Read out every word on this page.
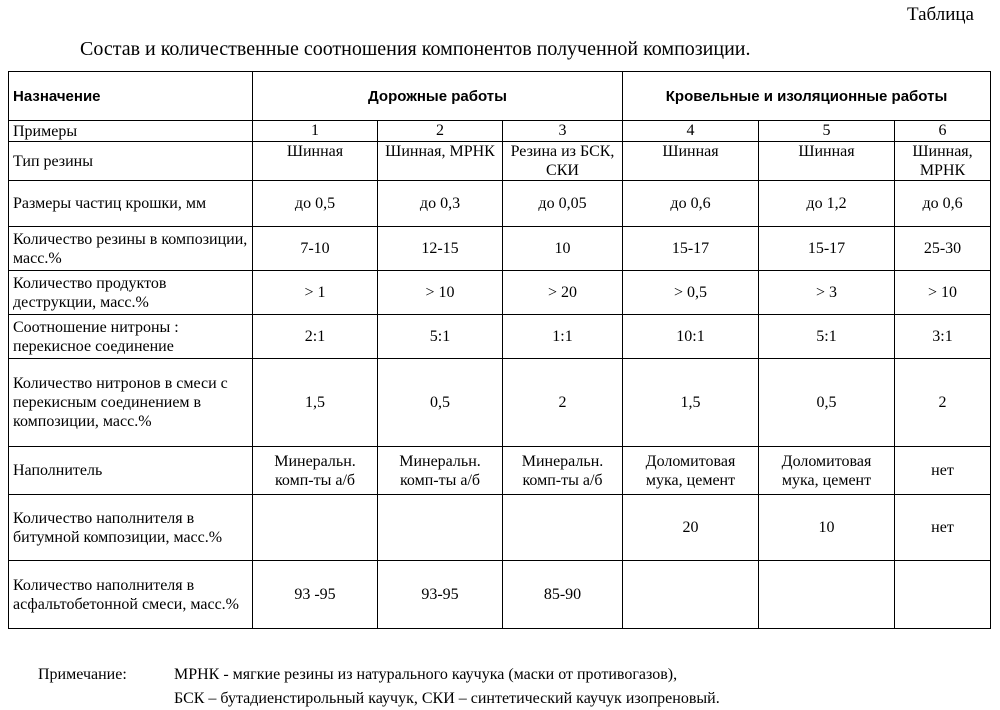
Таблица
Состав и количественные соотношения компонентов полученной композиции.
Назначение	Дорожные работы			Кровельные и изоляционные работы		
Примеры	1	2	3	4	5	6
Тип резины	Шинная	Шинная, МРНК	Резина из БСК, СКИ	Шинная	Шинная	Шинная, МРНК
Размеры частиц крошки, мм	до 0,5	до 0,3	до 0,05	до 0,6	до 1,2	до 0,6
Количество резины в композиции, масс.%	7-10	12-15	10	15-17	15-17	25-30
Количество продуктов деструкции, масс.%	> 1	> 10	> 20	> 0,5	> 3	> 10
Соотношение нитроны : перекисное соединение	2:1	5:1	1:1	10:1	5:1	3:1
Количество нитронов в смеси с перекисным соединением в композиции, масс.%	1,5	0,5	2	1,5	0,5	2
Наполнитель	Минеральн. комп-ты а/б	Минеральн. комп-ты а/б	Минеральн. комп-ты а/б	Доломитовая мука, цемент	Доломитовая мука, цемент	нет
Количество наполнителя в битумной композиции, масс.%				20	10	нет
Количество наполнителя в асфальтобетонной смеси, масс.%	93 -95	93-95	85-90			
Примечание:	МРНК - мягкие резины из натурального каучука (маски от противогазов),
БСК – бутадиенстирольный каучук, СКИ – синтетический каучук изопреновый.
